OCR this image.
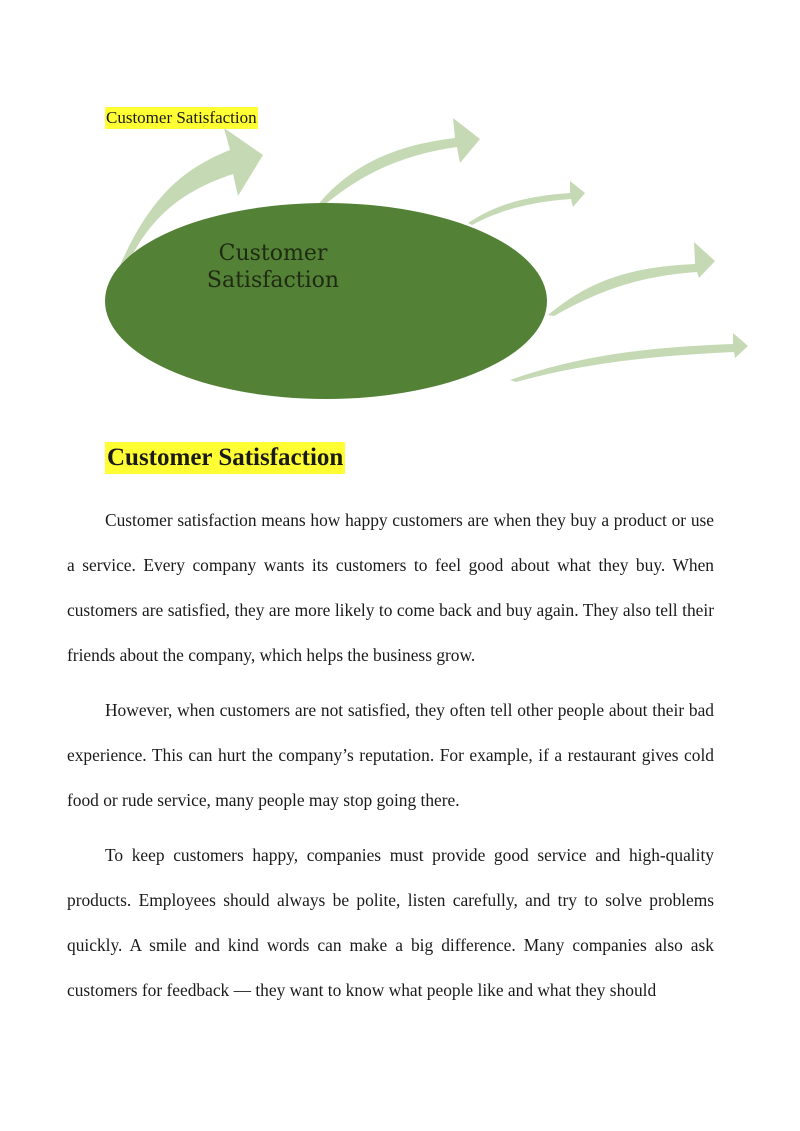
Customer Satisfaction
Customer
Satisfaction
Customer Satisfaction

Customer satisfaction means how happy customers are when they buy a product or use a service. Every company wants its customers to feel good about what they buy. When customers are satisfied, they are more likely to come back and buy again. They also tell their friends about the company, which helps the business grow.

However, when customers are not satisfied, they often tell other people about their bad experience. This can hurt the company’s reputation. For example, if a restaurant gives cold food or rude service, many people may stop going there.

To keep customers happy, companies must provide good service and high-quality products. Employees should always be polite, listen carefully, and try to solve problems quickly. A smile and kind words can make a big difference. Many companies also ask customers for feedback — they want to know what people like and what they should
